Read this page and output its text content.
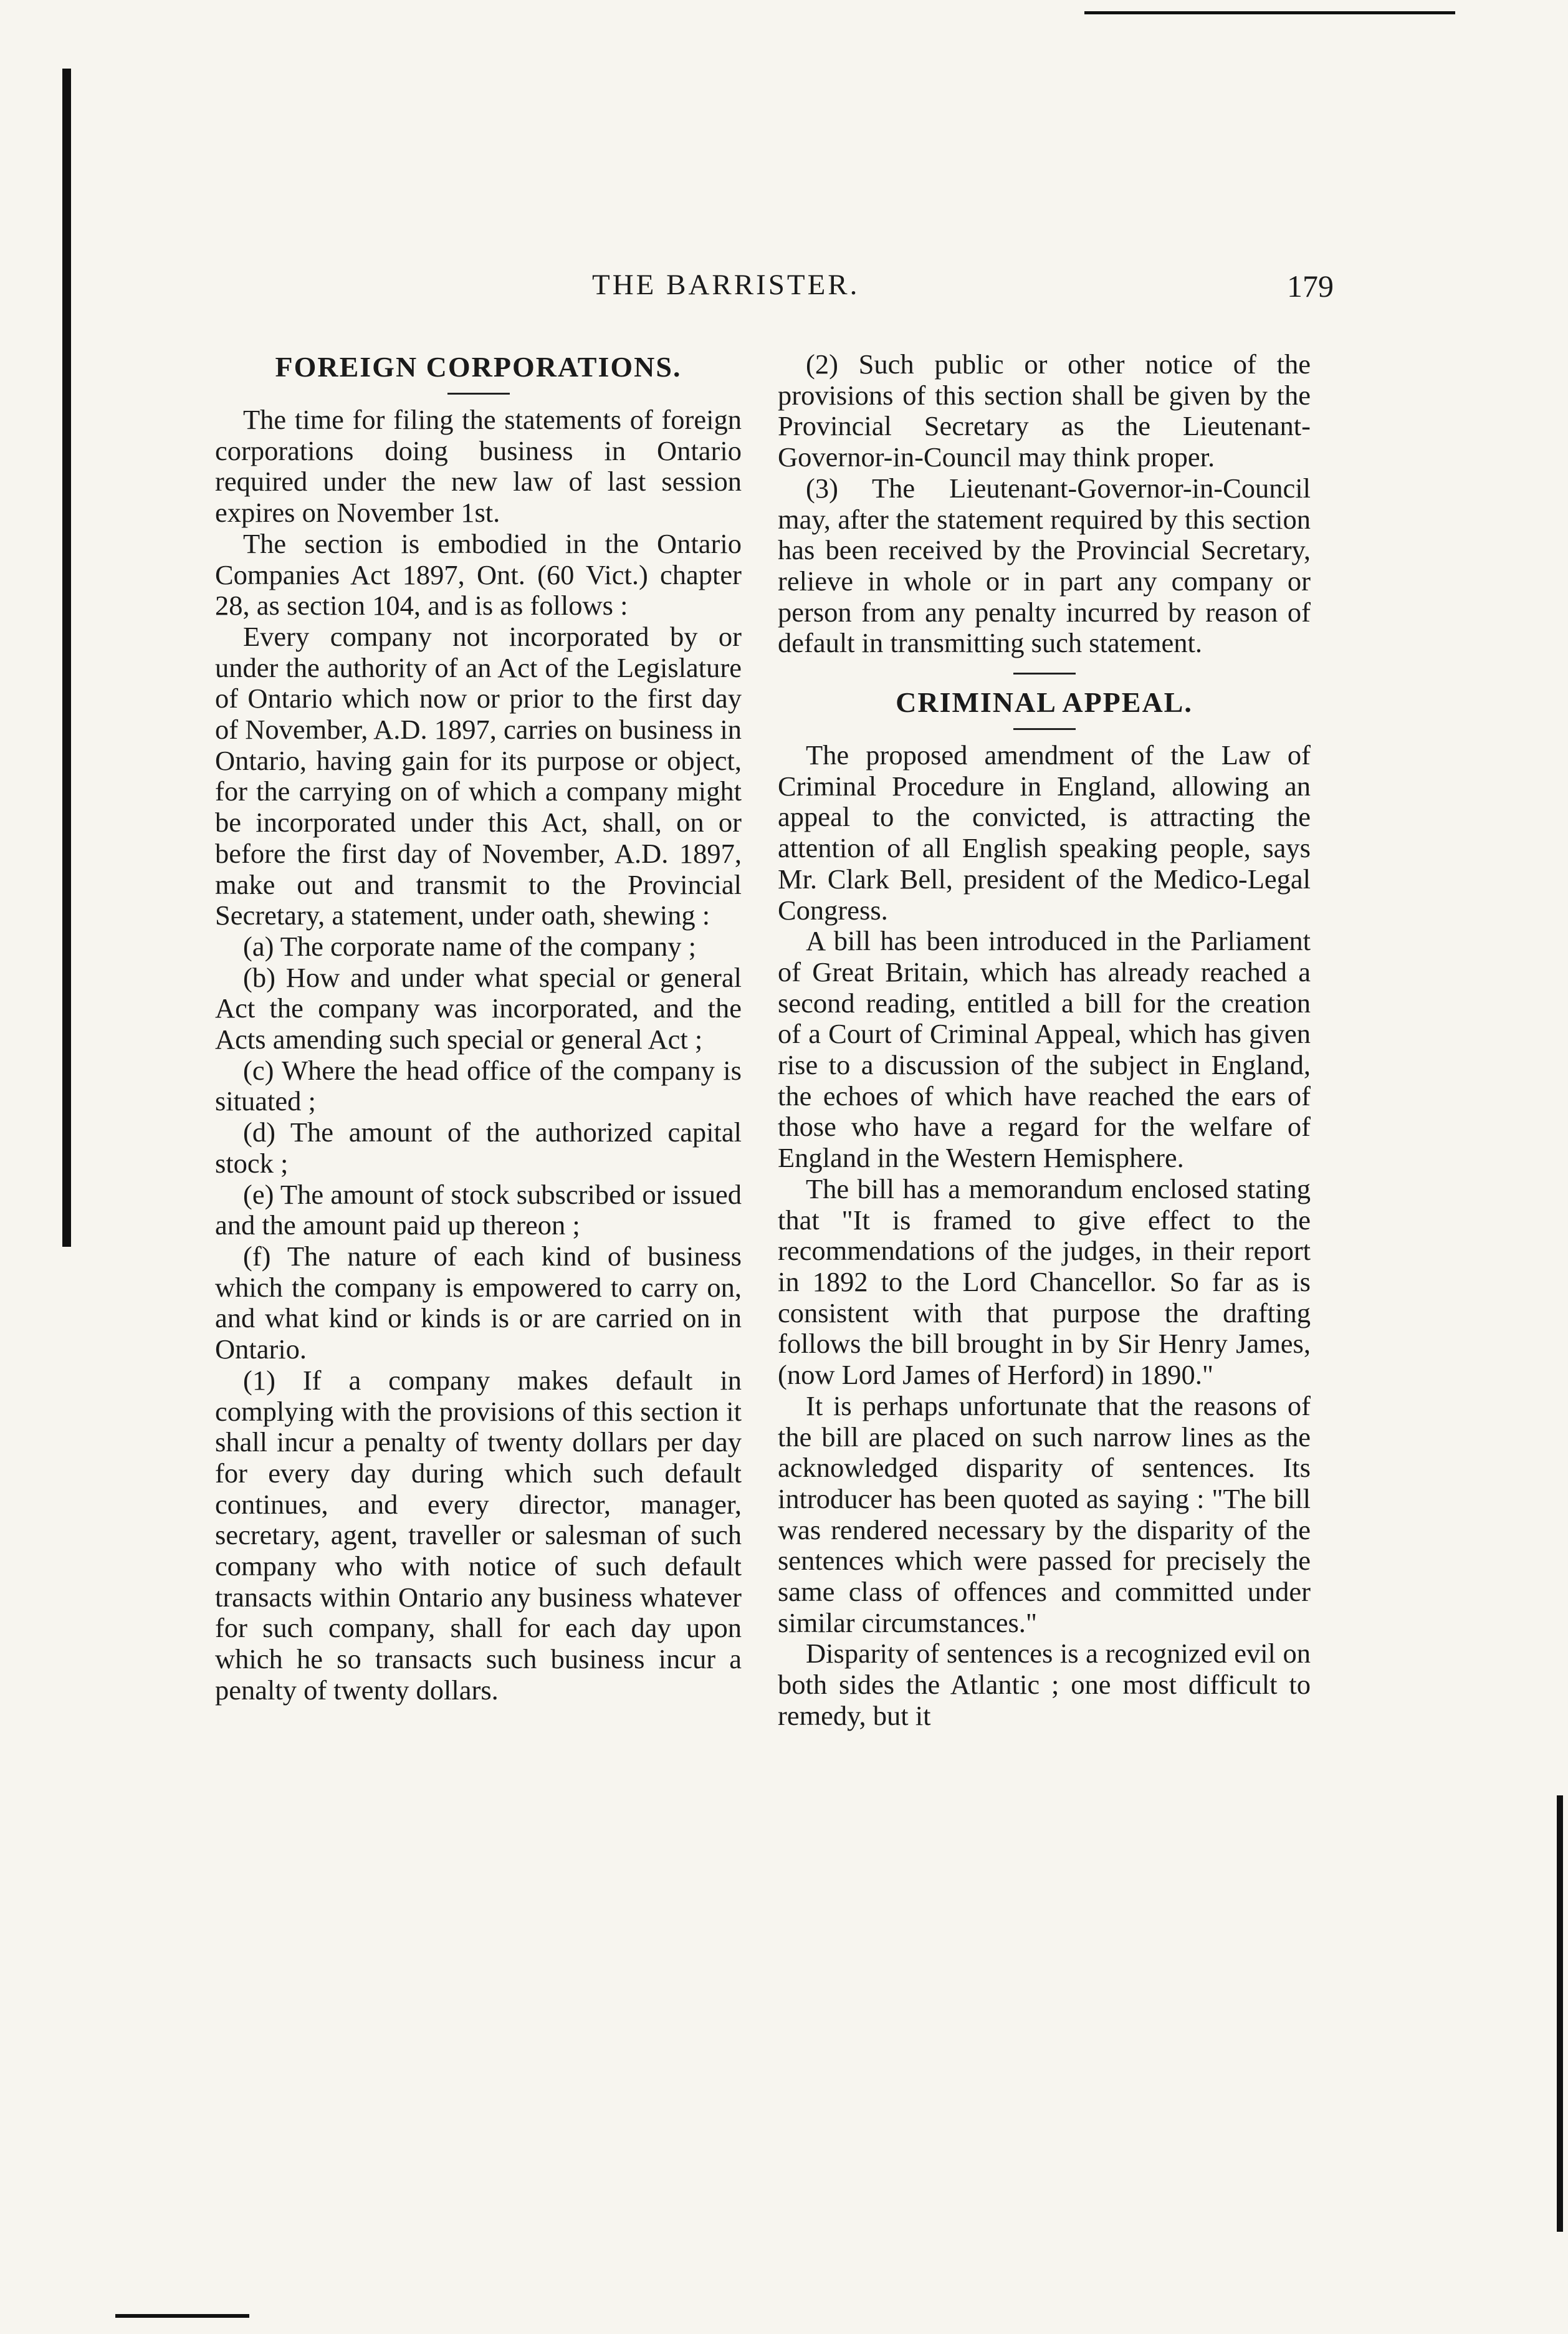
THE BARRISTER.	179
FOREIGN CORPORATIONS.

The time for filing the statements of foreign corporations doing business in Ontario required under the new law of last session expires on November 1st.

The section is embodied in the Ontario Companies Act 1897, Ont. (60 Vict.) chapter 28, as section 104, and is as follows :

Every company not incorporated by or under the authority of an Act of the Legislature of Ontario which now or prior to the first day of November, A.D. 1897, carries on business in Ontario, having gain for its purpose or object, for the carrying on of which a company might be incorporated under this Act, shall, on or before the first day of November, A.D. 1897, make out and transmit to the Provincial Secretary, a statement, under oath, shewing :

(a) The corporate name of the company ;

(b) How and under what special or general Act the company was incorporated, and the Acts amending such special or general Act ;

(c) Where the head office of the company is situated ;

(d) The amount of the authorized capital stock ;

(e) The amount of stock subscribed or issued and the amount paid up thereon ;

(f) The nature of each kind of business which the company is empowered to carry on, and what kind or kinds is or are carried on in Ontario.

(1) If a company makes default in complying with the provisions of this section it shall incur a penalty of twenty dollars per day for every day during which such default continues, and every director, manager, secretary, agent, traveller or salesman of such company who with notice of such default transacts within Ontario any business whatever for such company, shall for each day upon which he so transacts such business incur a penalty of twenty dollars.

(2) Such public or other notice of the provisions of this section shall be given by the Provincial Secretary as the Lieutenant-Governor-in-Council may think proper.

(3) The Lieutenant-Governor-in-Council may, after the statement required by this section has been received by the Provincial Secretary, relieve in whole or in part any company or person from any penalty incurred by reason of default in transmitting such statement.

CRIMINAL APPEAL.

The proposed amendment of the Law of Criminal Procedure in England, allowing an appeal to the convicted, is attracting the attention of all English speaking people, says Mr. Clark Bell, president of the Medico-Legal Congress.

A bill has been introduced in the Parliament of Great Britain, which has already reached a second reading, entitled a bill for the creation of a Court of Criminal Appeal, which has given rise to a discussion of the subject in England, the echoes of which have reached the ears of those who have a regard for the welfare of England in the Western Hemisphere.

The bill has a memorandum enclosed stating that "It is framed to give effect to the recommendations of the judges, in their report in 1892 to the Lord Chancellor. So far as is consistent with that purpose the drafting follows the bill brought in by Sir Henry James, (now Lord James of Herford) in 1890."

It is perhaps unfortunate that the reasons of the bill are placed on such narrow lines as the acknowledged disparity of sentences. Its introducer has been quoted as saying : "The bill was rendered necessary by the disparity of the sentences which were passed for precisely the same class of offences and committed under similar circumstances."

Disparity of sentences is a recognized evil on both sides the Atlantic ; one most difficult to remedy, but it
